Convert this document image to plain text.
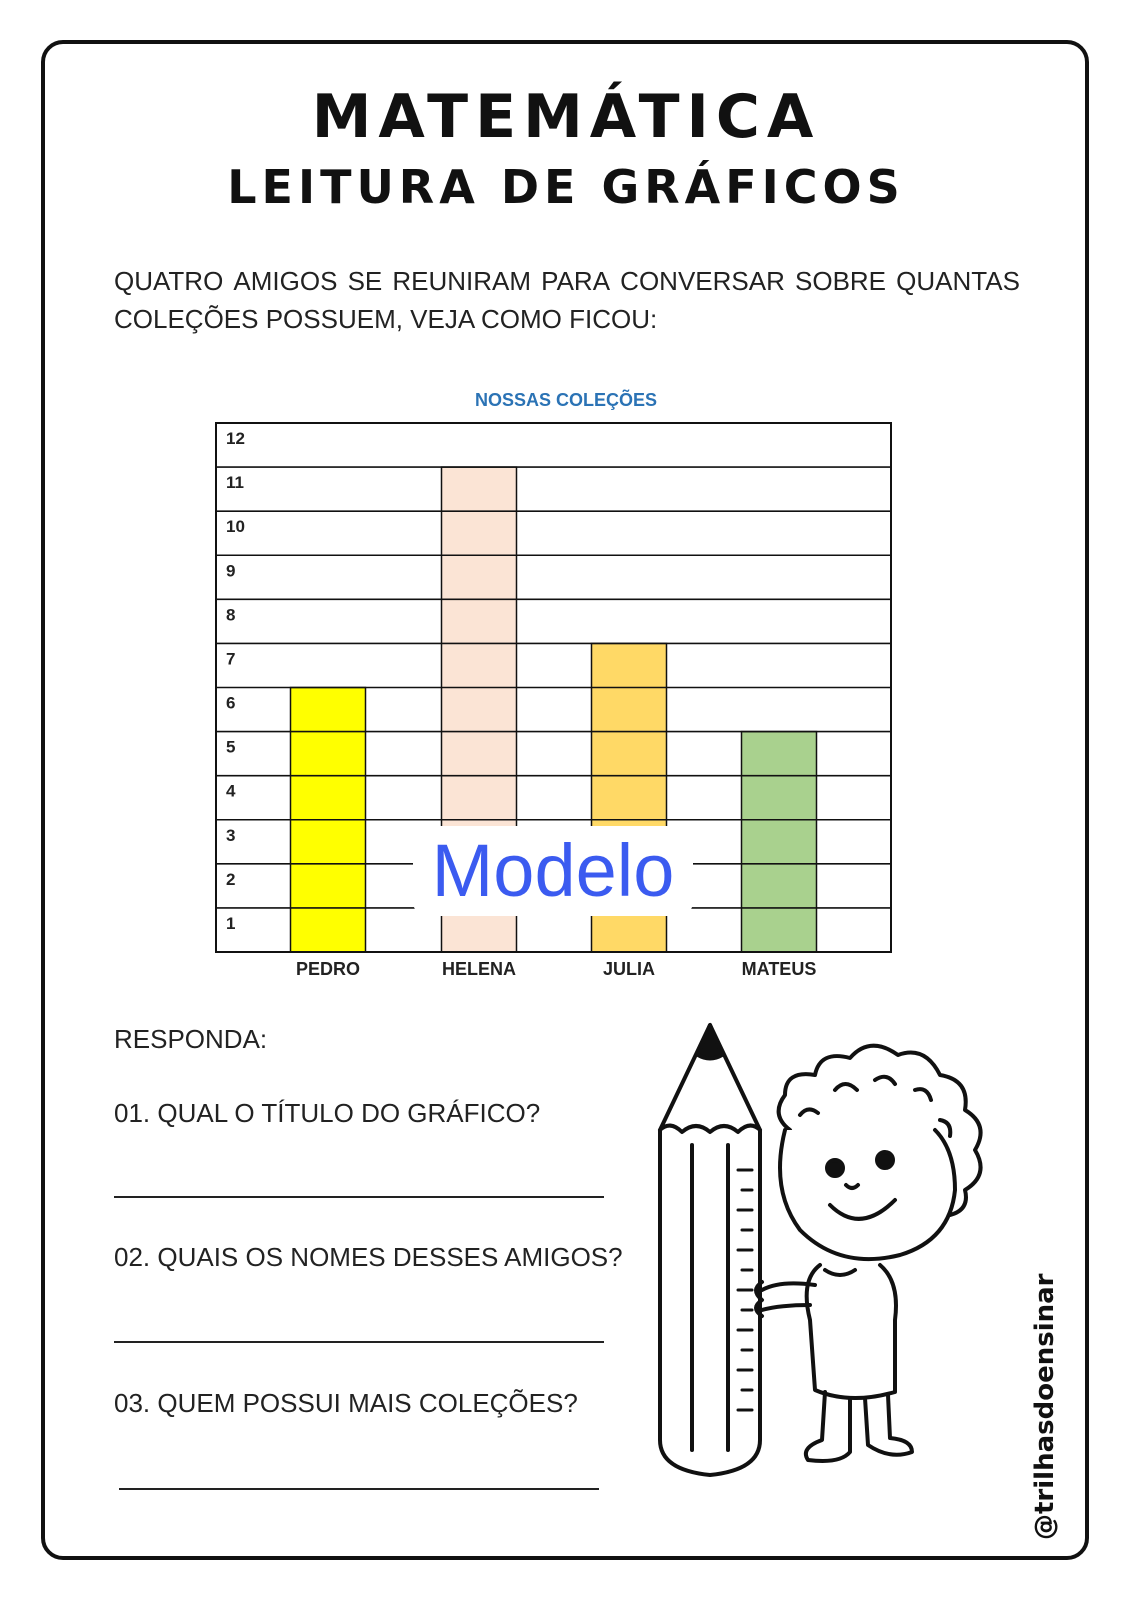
MATEMÁTICA
LEITURA DE GRÁFICOS
QUATRO AMIGOS SE REUNIRAM PARA CONVERSAR SOBRE QUANTAS
COLEÇÕES POSSUEM, VEJA COMO FICOU:
NOSSAS COLEÇÕES
1
2
3
4
5
6
7
8
9
10
11
12
PEDRO	HELENA	JULIA	MATEUS
Modelo
RESPONDA:
01. QUAL O TÍTULO DO GRÁFICO?
02. QUAIS OS NOMES DESSES AMIGOS?
03. QUEM POSSUI MAIS COLEÇÕES?	@trilhasdoensinar
